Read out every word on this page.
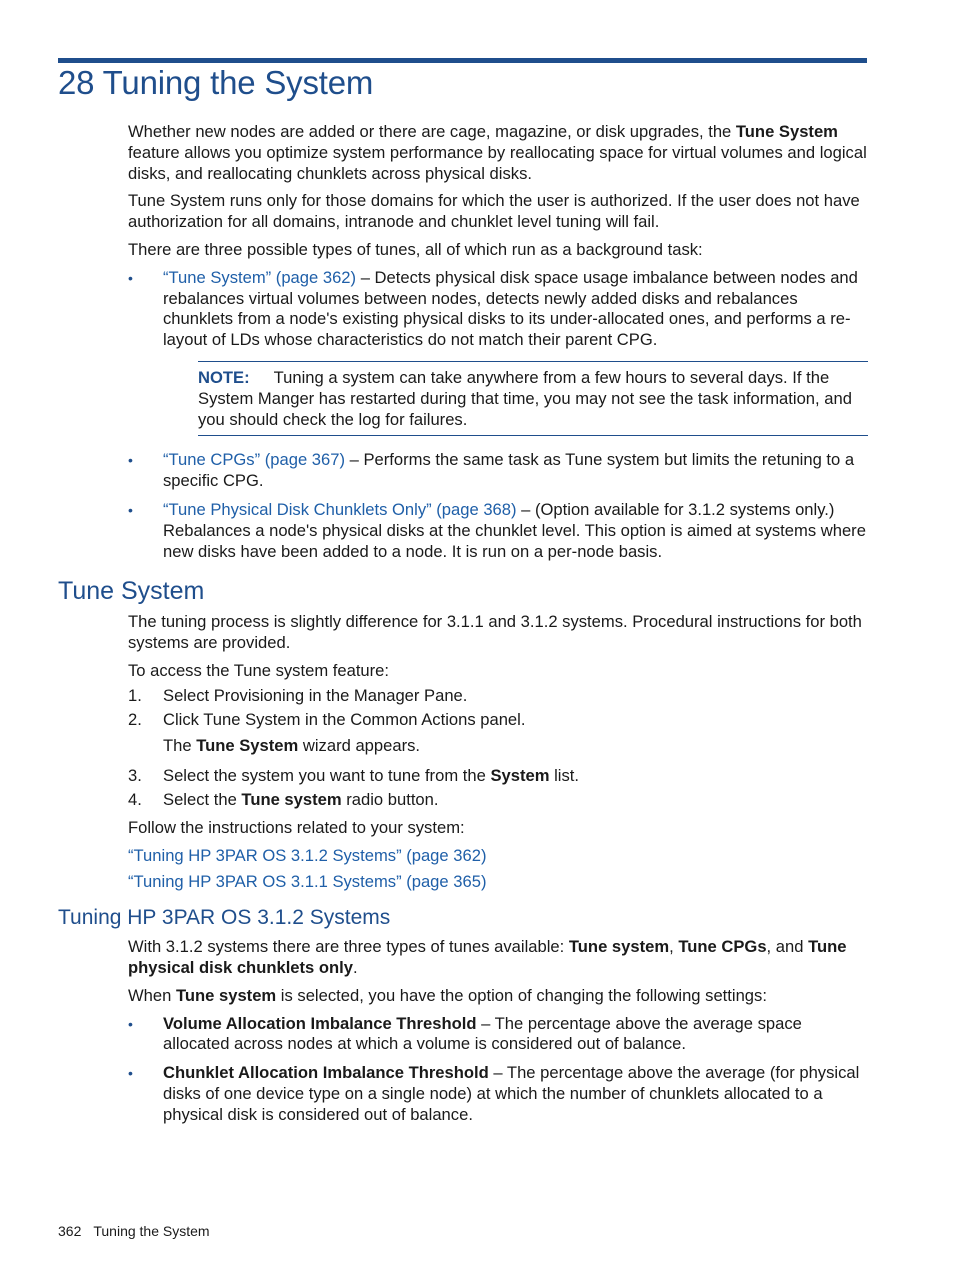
28 Tuning the System

Whether new nodes are added or there are cage, magazine, or disk upgrades, the Tune System feature allows you optimize system performance by reallocating space for virtual volumes and logical disks, and reallocating chunklets across physical disks.

Tune System runs only for those domains for which the user is authorized. If the user does not have authorization for all domains, intranode and chunklet level tuning will fail.

There are three possible types of tunes, all of which run as a background task:

• “Tune System” (page 362) – Detects physical disk space usage imbalance between nodes and rebalances virtual volumes between nodes, detects newly added disks and rebalances chunklets from a node's existing physical disks to its under-allocated ones, and performs a re-layout of LDs whose characteristics do not match their parent CPG.
NOTE: Tuning a system can take anywhere from a few hours to several days. If the System Manger has restarted during that time, you may not see the task information, and you should check the log for failures.
• “Tune CPGs” (page 367) – Performs the same task as Tune system but limits the retuning to a specific CPG.
• “Tune Physical Disk Chunklets Only” (page 368) – (Option available for 3.1.2 systems only.) Rebalances a node's physical disks at the chunklet level. This option is aimed at systems where new disks have been added to a node. It is run on a per-node basis.
Tune System

The tuning process is slightly difference for 3.1.1 and 3.1.2 systems. Procedural instructions for both systems are provided.

To access the Tune system feature:

1. Select Provisioning in the Manager Pane.
2. Click Tune System in the Common Actions panel.
The Tune System wizard appears.
3. Select the system you want to tune from the System list.
4. Select the Tune system radio button.

Follow the instructions related to your system:

“Tuning HP 3PAR OS 3.1.2 Systems” (page 362)

“Tuning HP 3PAR OS 3.1.1 Systems” (page 365)

Tuning HP 3PAR OS 3.1.2 Systems

With 3.1.2 systems there are three types of tunes available: Tune system, Tune CPGs, and Tune physical disk chunklets only.

When Tune system is selected, you have the option of changing the following settings:

• Volume Allocation Imbalance Threshold – The percentage above the average space allocated across nodes at which a volume is considered out of balance.
• Chunklet Allocation Imbalance Threshold – The percentage above the average (for physical disks of one device type on a single node) at which the number of chunklets allocated to a physical disk is considered out of balance.
362 Tuning the System
